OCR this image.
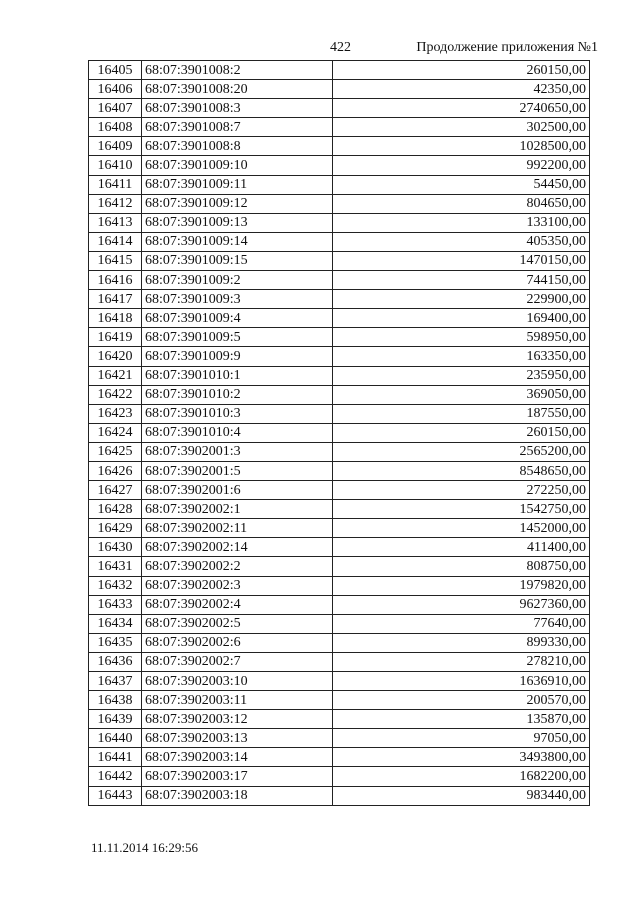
422	Продолжение приложения №1
16405	68:07:3901008:2	260150,00
16406	68:07:3901008:20	42350,00
16407	68:07:3901008:3	2740650,00
16408	68:07:3901008:7	302500,00
16409	68:07:3901008:8	1028500,00
16410	68:07:3901009:10	992200,00
16411	68:07:3901009:11	54450,00
16412	68:07:3901009:12	804650,00
16413	68:07:3901009:13	133100,00
16414	68:07:3901009:14	405350,00
16415	68:07:3901009:15	1470150,00
16416	68:07:3901009:2	744150,00
16417	68:07:3901009:3	229900,00
16418	68:07:3901009:4	169400,00
16419	68:07:3901009:5	598950,00
16420	68:07:3901009:9	163350,00
16421	68:07:3901010:1	235950,00
16422	68:07:3901010:2	369050,00
16423	68:07:3901010:3	187550,00
16424	68:07:3901010:4	260150,00
16425	68:07:3902001:3	2565200,00
16426	68:07:3902001:5	8548650,00
16427	68:07:3902001:6	272250,00
16428	68:07:3902002:1	1542750,00
16429	68:07:3902002:11	1452000,00
16430	68:07:3902002:14	411400,00
16431	68:07:3902002:2	808750,00
16432	68:07:3902002:3	1979820,00
16433	68:07:3902002:4	9627360,00
16434	68:07:3902002:5	77640,00
16435	68:07:3902002:6	899330,00
16436	68:07:3902002:7	278210,00
16437	68:07:3902003:10	1636910,00
16438	68:07:3902003:11	200570,00
16439	68:07:3902003:12	135870,00
16440	68:07:3902003:13	97050,00
16441	68:07:3902003:14	3493800,00
16442	68:07:3902003:17	1682200,00
16443	68:07:3902003:18	983440,00
11.11.2014 16:29:56
